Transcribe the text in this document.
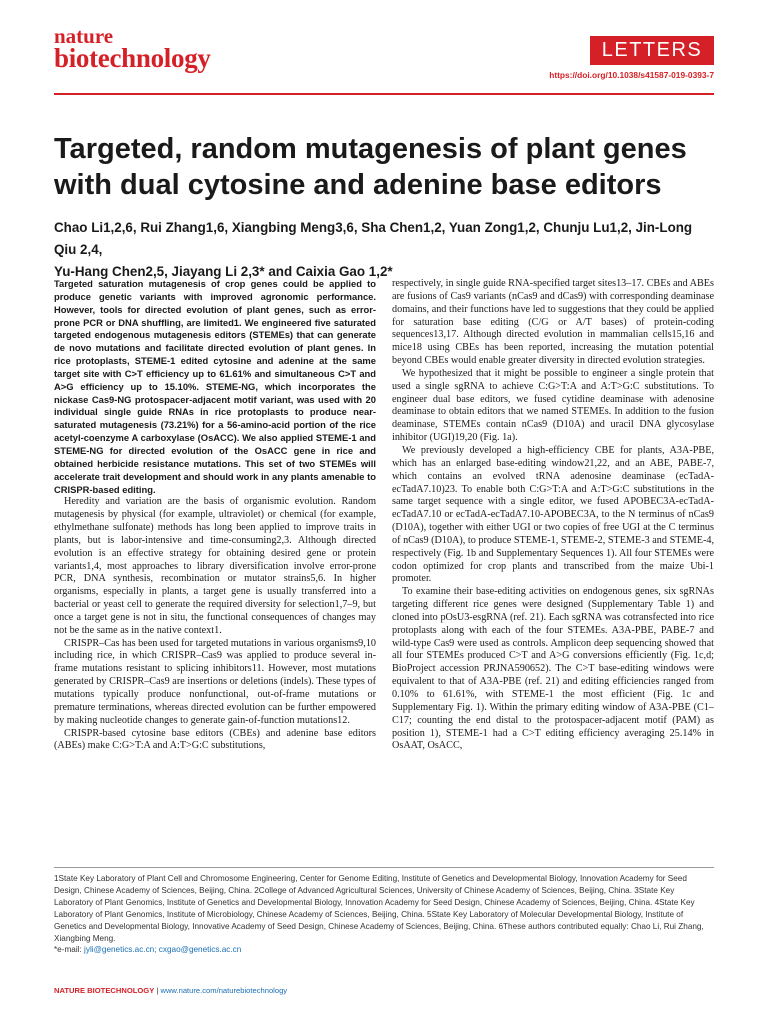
nature
biotechnology	LETTERS
https://doi.org/10.1038/s41587-019-0393-7
Targeted, random mutagenesis of plant genes with dual cytosine and adenine base editors
Chao Li1,2,6, Rui Zhang1,6, Xiangbing Meng3,6, Sha Chen1,2, Yuan Zong1,2, Chunju Lu1,2, Jin-Long Qiu 2,4,
Yu-Hang Chen2,5, Jiayang Li 2,3* and Caixia Gao 1,2*

Targeted saturation mutagenesis of crop genes could be applied to produce genetic variants with improved agronomic performance. However, tools for directed evolution of plant genes, such as error-prone PCR or DNA shuffling, are limited1. We engineered five saturated targeted endogenous mutagenesis editors (STEMEs) that can generate de novo mutations and facilitate directed evolution of plant genes. In rice protoplasts, STEME-1 edited cytosine and adenine at the same target site with C>T efficiency up to 61.61% and simultaneous C>T and A>G efficiency up to 15.10%. STEME-NG, which incorporates the nickase Cas9-NG protospacer-adjacent motif variant, was used with 20 individual single guide RNAs in rice protoplasts to produce near-saturated mutagenesis (73.21%) for a 56-amino-acid portion of the rice acetyl-coenzyme A carboxylase (OsACC). We also applied STEME-1 and STEME-NG for directed evolution of the OsACC gene in rice and obtained herbicide resistance mutations. This set of two STEMEs will accelerate trait development and should work in any plants amenable to CRISPR-based editing.

Heredity and variation are the basis of organismic evolution. Random mutagenesis by physical (for example, ultraviolet) or chemical (for example, ethylmethane sulfonate) methods has long been applied to improve traits in plants, but is labor-intensive and time-consuming2,3. Although directed evolution is an effective strategy for obtaining desired gene or protein variants1,4, most approaches to library diversification involve error-prone PCR, DNA synthesis, recombination or mutator strains5,6. In higher organisms, especially in plants, a target gene is usually transferred into a bacterial or yeast cell to generate the required diversity for selection1,7–9, but once a target gene is not in situ, the functional consequences of changes may not be the same as in the native context1.

CRISPR–Cas has been used for targeted mutations in various organisms9,10 including rice, in which CRISPR–Cas9 was applied to produce several in-frame mutations resistant to splicing inhibitors11. However, most mutations generated by CRISPR–Cas9 are insertions or deletions (indels). These types of mutations typically produce nonfunctional, out-of-frame mutations or premature terminations, whereas directed evolution can be further empowered by making nucleotide changes to generate gain-of-function mutations12.

CRISPR-based cytosine base editors (CBEs) and adenine base editors (ABEs) make C:G>T:A and A:T>G:C substitutions,

respectively, in single guide RNA-specified target sites13–17. CBEs and ABEs are fusions of Cas9 variants (nCas9 and dCas9) with corresponding deaminase domains, and their functions have led to suggestions that they could be applied for saturation base editing (C/G or A/T bases) of protein-coding sequences13,17. Although directed evolution in mammalian cells15,16 and mice18 using CBEs has been reported, increasing the mutation potential beyond CBEs would enable greater diversity in directed evolution strategies.

We hypothesized that it might be possible to engineer a single protein that used a single sgRNA to achieve C:G>T:A and A:T>G:C substitutions. To engineer dual base editors, we fused cytidine deaminase with adenosine deaminase to obtain editors that we named STEMEs. In addition to the fusion deaminase, STEMEs contain nCas9 (D10A) and uracil DNA glycosylase inhibitor (UGI)19,20 (Fig. 1a).

We previously developed a high-efficiency CBE for plants, A3A-PBE, which has an enlarged base-editing window21,22, and an ABE, PABE-7, which contains an evolved tRNA adenosine deaminase (ecTadA-ecTadA7.10)23. To enable both C:G>T:A and A:T>G:C substitutions in the same target sequence with a single editor, we fused APOBEC3A-ecTadA-ecTadA7.10 or ecTadA-ecTadA7.10-APOBEC3A, to the N terminus of nCas9 (D10A), together with either UGI or two copies of free UGI at the C terminus of nCas9 (D10A), to produce STEME-1, STEME-2, STEME-3 and STEME-4, respectively (Fig. 1b and Supplementary Sequences 1). All four STEMEs were codon optimized for crop plants and transcribed from the maize Ubi-1 promoter.

To examine their base-editing activities on endogenous genes, six sgRNAs targeting different rice genes were designed (Supplementary Table 1) and cloned into pOsU3-esgRNA (ref. 21). Each sgRNA was cotransfected into rice protoplasts along with each of the four STEMEs. A3A-PBE, PABE-7 and wild-type Cas9 were used as controls. Amplicon deep sequencing showed that all four STEMEs produced C>T and A>G conversions efficiently (Fig. 1c,d; BioProject accession PRJNA590652). The C>T base-editing windows were equivalent to that of A3A-PBE (ref. 21) and editing efficiencies ranged from 0.10% to 61.61%, with STEME-1 the most efficient (Fig. 1c and Supplementary Fig. 1). Within the primary editing window of A3A-PBE (C1–C17; counting the end distal to the protospacer-adjacent motif (PAM) as position 1), STEME-1 had a C>T editing efficiency averaging 25.14% in OsAAT, OsACC,

1State Key Laboratory of Plant Cell and Chromosome Engineering, Center for Genome Editing, Institute of Genetics and Developmental Biology, Innovation Academy for Seed Design, Chinese Academy of Sciences, Beijing, China. 2College of Advanced Agricultural Sciences, University of Chinese Academy of Sciences, Beijing, China. 3State Key Laboratory of Plant Genomics, Institute of Genetics and Developmental Biology, Innovation Academy for Seed Design, Chinese Academy of Sciences, Beijing, China. 4State Key Laboratory of Plant Genomics, Institute of Microbiology, Chinese Academy of Sciences, Beijing, China. 5State Key Laboratory of Molecular Developmental Biology, Institute of Genetics and Developmental Biology, Innovative Academy of Seed Design, Chinese Academy of Sciences, Beijing, China. 6These authors contributed equally: Chao Li, Rui Zhang, Xiangbing Meng.

*e-mail: jyli@genetics.ac.cn; cxgao@genetics.ac.cn
NATURE BIOTECHNOLOGY | www.nature.com/naturebiotechnology
